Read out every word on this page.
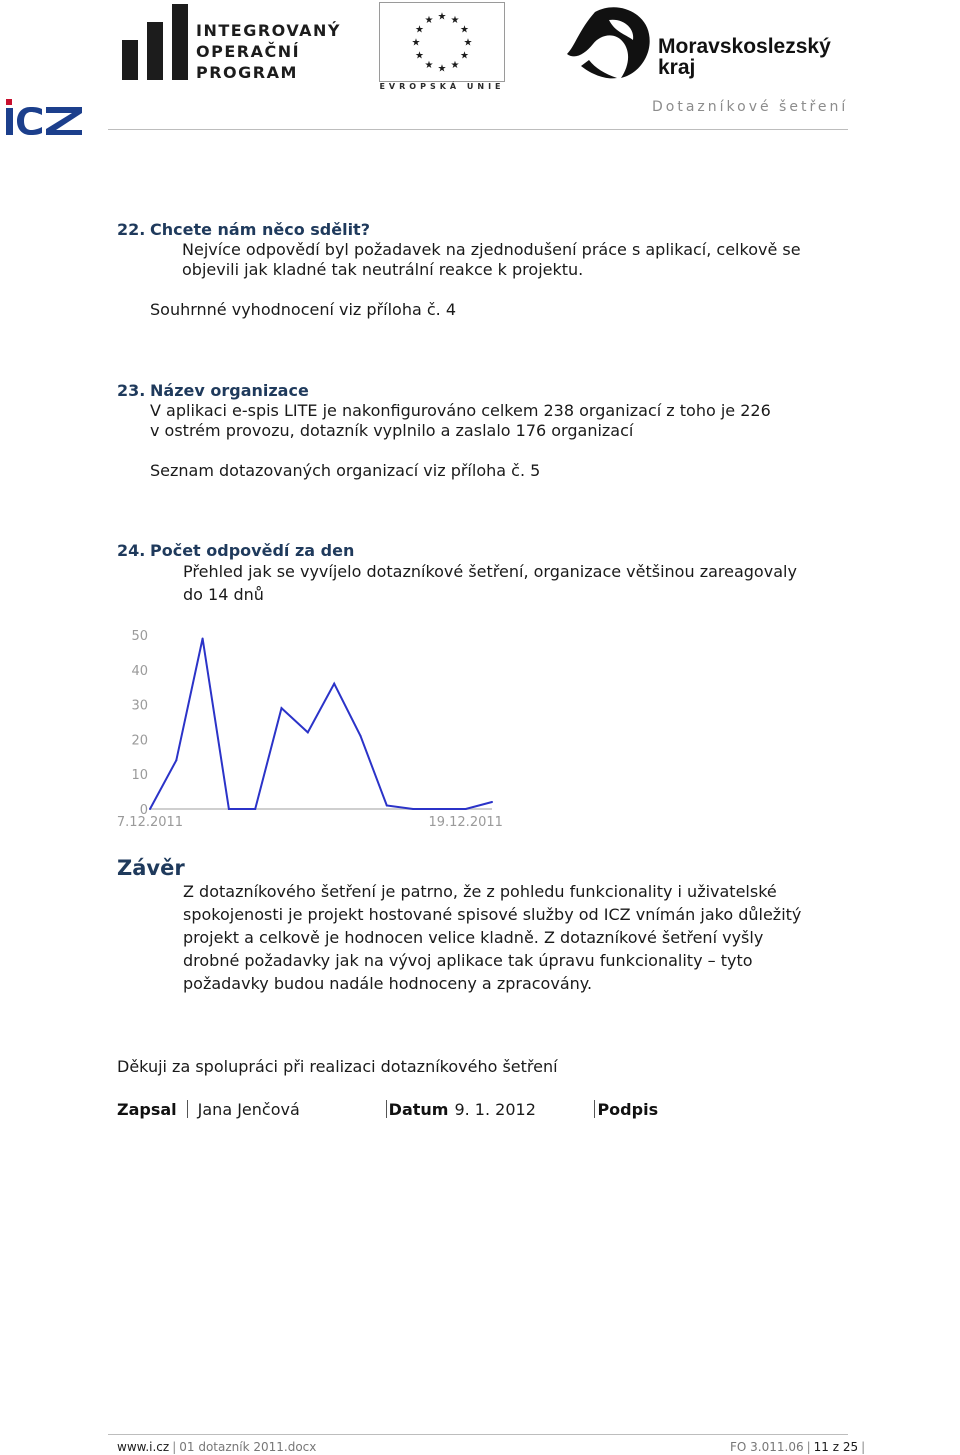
INTEGROVANÝ
OPERAČNÍ
PROGRAM
★ ★
★
★
★
★
★
★
★
★
★
★
EVROPSKÁ UNIE
Moravskoslezský
kraj
Dotazníkové šetření
22. Chcete nám něco sdělit?
Nejvíce odpovědí byl požadavek na zjednodušení práce s aplikací, celkově se
objevili jak kladné tak neutrální reakce k projektu.
Souhrnné vyhodnocení viz příloha č. 4
23. Název organizace
V aplikaci e-spis LITE je nakonfigurováno celkem 238 organizací z toho je 226
v ostrém provozu, dotazník vyplnilo a zaslalo 176 organizací
Seznam dotazovaných organizací viz příloha č. 5
24. Počet odpovědí za den
Přehled jak se vyvíjelo dotazníkové šetření, organizace většinou zareagovaly
do 14 dnů
0
10
20
30
40
50
7.12.2011	19.12.2011
Závěr
Z dotazníkového šetření je patrno, že z pohledu funkcionality i uživatelské
spokojenosti je projekt hostované spisové služby od ICZ vnímán jako důležitý
projekt a celkově je hodnocen velice kladně. Z dotazníkové šetření vyšly
drobné požadavky jak na vývoj aplikace tak úpravu funkcionality – tyto
požadavky budou nadále hodnoceny a zpracovány.
Děkuji za spolupráci při realizaci dotazníkového šetření
Zapsal Jana Jenčová	Datum 9. 1. 2012	Podpis
www.i.cz | 01 dotazník 2011.docx	FO 3.011.06 | 11 z 25 |
